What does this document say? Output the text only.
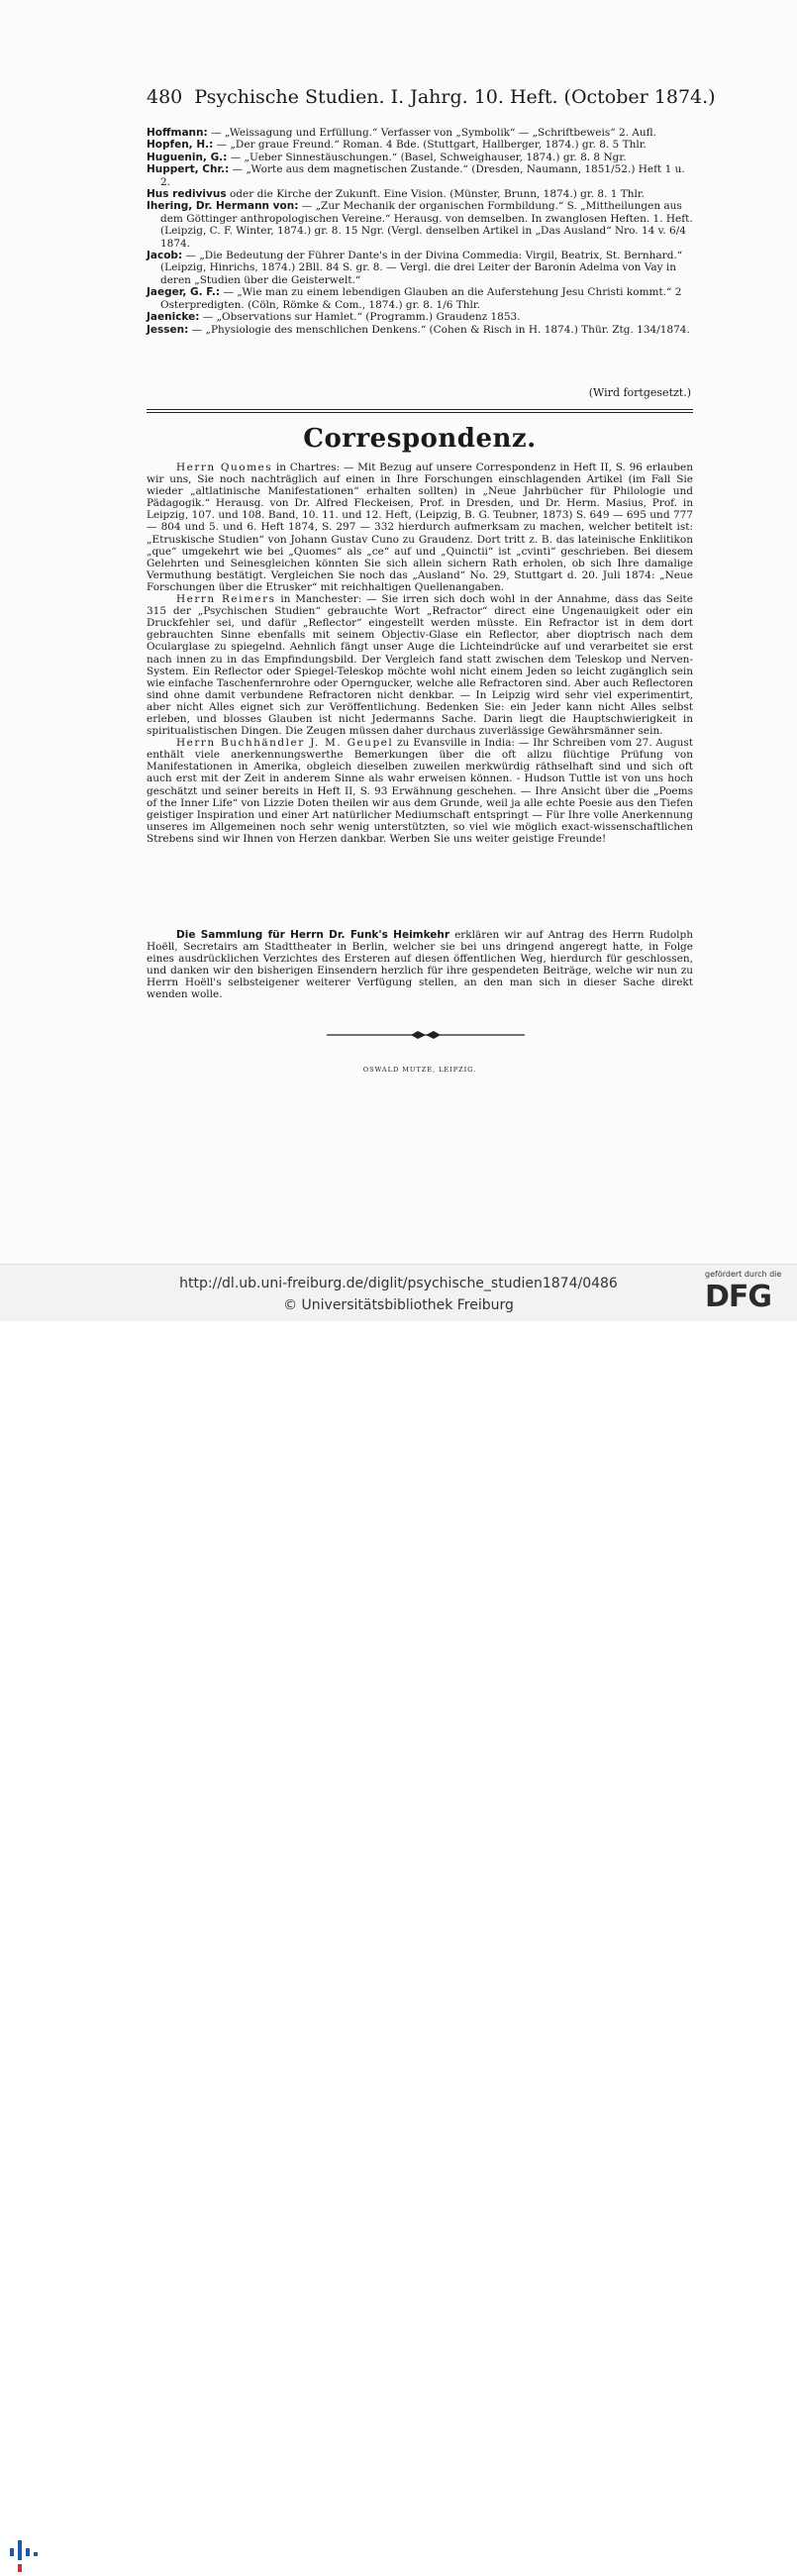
480 Psychische Studien. I. Jahrg. 10. Heft. (October 1874.)

Hoffmann: — „Weissagung und Erfüllung.“ Verfasser von „Symbolik“ — „Schriftbeweis“ 2. Aufl.

Hopfen, H.: — „Der graue Freund.“ Roman. 4 Bde. (Stuttgart, Hallberger, 1874.) gr. 8. 5 Thlr.

Huguenin, G.: — „Ueber Sinnestäuschungen.“ (Basel, Schweighauser, 1874.) gr. 8. 8 Ngr.

Huppert, Chr.: — „Worte aus dem magnetischen Zustande.“ (Dresden, Naumann, 1851/52.) Heft 1 u. 2.

Hus redivivus oder die Kirche der Zukunft. Eine Vision. (Münster, Brunn, 1874.) gr. 8. 1 Thlr.

Ihering, Dr. Hermann von: — „Zur Mechanik der organischen Formbildung.“ S. „Mittheilungen aus dem Göttinger anthropologischen Vereine.“ Herausg. von demselben. In zwanglosen Heften. 1. Heft. (Leipzig, C. F. Winter, 1874.) gr. 8. 15 Ngr. (Vergl. denselben Artikel in „Das Ausland“ Nro. 14 v. 6/4 1874.

Jacob: — „Die Bedeutung der Führer Dante's in der Divina Commedia: Virgil, Beatrix, St. Bernhard.“ (Leipzig, Hinrichs, 1874.) 2Bll. 84 S. gr. 8. — Vergl. die drei Leiter der Baronin Adelma von Vay in deren „Studien über die Geisterwelt.“

Jaeger, G. F.: — „Wie man zu einem lebendigen Glauben an die Auferstehung Jesu Christi kommt.“ 2 Osterpredigten. (Cöln, Römke & Com., 1874.) gr. 8. 1/6 Thlr.

Jaenicke: — „Observations sur Hamlet.“ (Programm.) Graudenz 1853.

Jessen: — „Physiologie des menschlichen Denkens.“ (Cohen & Risch in H. 1874.) Thür. Ztg. 134/1874.

(Wird fortgesetzt.)
Correspondenz.

Herrn Quomes in Chartres: — Mit Bezug auf unsere Correspondenz in Heft II, S. 96 erlauben wir uns, Sie noch nachträglich auf einen in Ihre Forschungen einschlagenden Artikel (im Fall Sie wieder „altlatinische Manifestationen“ erhalten sollten) in „Neue Jahrbücher für Philologie und Pädagogik.“ Herausg. von Dr. Alfred Fleckeisen, Prof. in Dresden, und Dr. Herm. Masius, Prof. in Leipzig, 107. und 108. Band, 10. 11. und 12. Heft, (Leipzig, B. G. Teubner, 1873) S. 649 — 695 und 777 — 804 und 5. und 6. Heft 1874, S. 297 — 332 hierdurch aufmerksam zu machen, welcher betitelt ist: „Etruskische Studien“ von Johann Gustav Cuno zu Graudenz. Dort tritt z. B. das lateinische Enklitikon „que“ umgekehrt wie bei „Quomes“ als „ce“ auf und „Quinctii“ ist „cvinti“ geschrieben. Bei diesem Gelehrten und Seinesgleichen könnten Sie sich allein sichern Rath erholen, ob sich Ihre damalige Vermuthung bestätigt. Vergleichen Sie noch das „Ausland“ No. 29, Stuttgart d. 20. Juli 1874: „Neue Forschungen über die Etrusker“ mit reichhaltigen Quellenangaben.

Herrn Reimers in Manchester: — Sie irren sich doch wohl in der Annahme, dass das Seite 315 der „Psychischen Studien“ gebrauchte Wort „Refractor“ direct eine Ungenauigkeit oder ein Druckfehler sei, und dafür „Reflector“ eingestellt werden müsste. Ein Refractor ist in dem dort gebrauchten Sinne ebenfalls mit seinem Objectiv-Glase ein Reflector, aber dioptrisch nach dem Ocularglase zu spiegelnd. Aehnlich fängt unser Auge die Lichteindrücke auf und verarbeitet sie erst nach innen zu in das Empfindungsbild. Der Vergleich fand statt zwischen dem Teleskop und Nerven-System. Ein Reflector oder Spiegel-Teleskop möchte wohl nicht einem Jeden so leicht zugänglich sein wie einfache Taschenfernrohre oder Operngucker, welche alle Refractoren sind. Aber auch Reflectoren sind ohne damit verbundene Refractoren nicht denkbar. — In Leipzig wird sehr viel experimentirt, aber nicht Alles eignet sich zur Veröffentlichung. Bedenken Sie: ein Jeder kann nicht Alles selbst erleben, und blosses Glauben ist nicht Jedermanns Sache. Darin liegt die Hauptschwierigkeit in spiritualistischen Dingen. Die Zeugen müssen daher durchaus zuverlässige Gewährsmänner sein.

Herrn Buchhändler J. M. Geupel zu Evansville in India: — Ihr Schreiben vom 27. August enthält viele anerkennungswerthe Bemerkungen über die oft allzu flüchtige Prüfung von Manifestationen in Amerika, obgleich dieselben zuweilen merkwürdig räthselhaft sind und sich oft auch erst mit der Zeit in anderem Sinne als wahr erweisen können. - Hudson Tuttle ist von uns hoch geschätzt und seiner bereits in Heft II, S. 93 Erwähnung geschehen. — Ihre Ansicht über die „Poems of the Inner Life“ von Lizzie Doten theilen wir aus dem Grunde, weil ja alle echte Poesie aus den Tiefen geistiger Inspiration und einer Art natürlicher Mediumschaft entspringt — Für Ihre volle Anerkennung unseres im Allgemeinen noch sehr wenig unterstützten, so viel wie möglich exact-wissenschaftlichen Strebens sind wir Ihnen von Herzen dankbar. Werben Sie uns weiter geistige Freunde!

Die Sammlung für Herrn Dr. Funk's Heimkehr erklären wir auf Antrag des Herrn Rudolph Hoëll, Secretairs am Stadttheater in Berlin, welcher sie bei uns dringend angeregt hatte, in Folge eines ausdrücklichen Verzichtes des Ersteren auf diesen öffentlichen Weg, hierdurch für geschlossen, und danken wir den bisherigen Einsendern herzlich für ihre gespendeten Beiträge, welche wir nun zu Herrn Hoëll's selbsteigener weiterer Verfügung stellen, an den man sich in dieser Sache direkt wenden wolle.

OSWALD MUTZE, LEIPZIG.
http://dl.ub.uni-freiburg.de/diglit/psychische_studien1874/0486
© Universitätsbibliothek Freiburg
gefördert durch die
DFG
